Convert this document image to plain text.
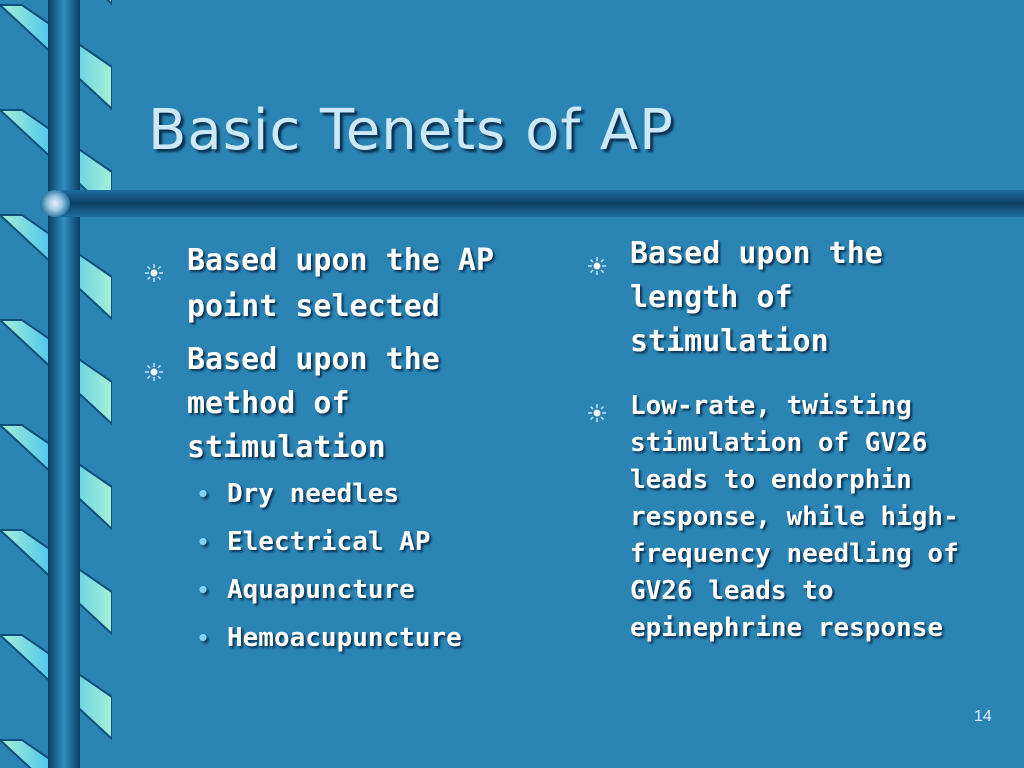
Basic Tenets of AP
Based upon the AP
point selected
Based upon the
method of
stimulation
• Dry needles
• Electrical AP
• Aquapuncture
• Hemoacupuncture
Based upon the
length of
stimulation
Low-rate, twisting
stimulation of GV26
leads to endorphin
response, while high-
frequency needling of
GV26 leads to
epinephrine response
14
